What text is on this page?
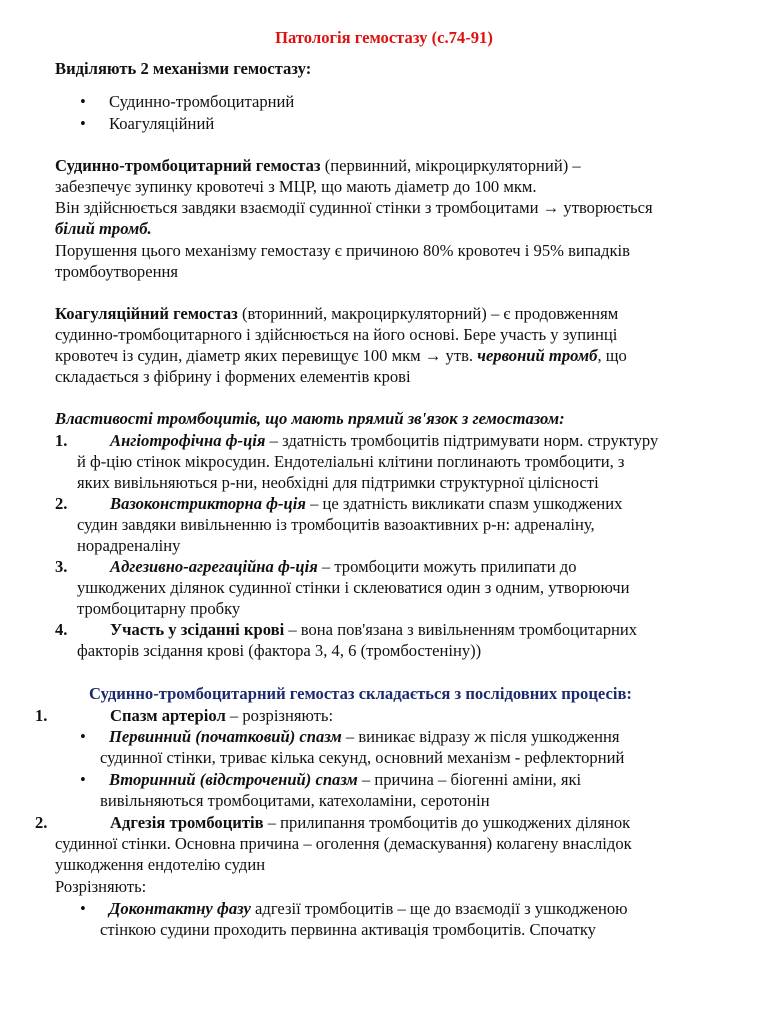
Патологія гемостазу (с.74-91)
Виділяють 2 механізми гемостазу:
• Судинно-тромбоцитарний
• Коагуляційний
Судинно-тромбоцитарний гемостаз (первинний, мікроциркуляторний) –
забезпечує зупинку кровотечі з МЦР, що мають діаметр до 100 мкм.
Він здійснюється завдяки взаємодії судинної стінки з тромбоцитами → утворюється
білий тромб.
Порушення цього механізму гемостазу є причиною 80% кровотеч і 95% випадків
тромбоутворення
Коагуляційний гемостаз (вторинний, макроциркуляторний) – є продовженням
судинно-тромбоцитарного і здійснюється на його основі. Бере участь у зупинці
кровотеч із судин, діаметр яких перевищує 100 мкм → утв. червоний тромб, що
складається з фібрину і формених елементів крові
Властивості тромбоцитів, що мають прямий зв'язок з гемостазом:
1.	Ангіотрофічна ф-ція – здатність тромбоцитів підтримувати норм. структуру
й ф-цію стінок мікросудин. Ендотеліальні клітини поглинають тромбоцити, з
яких вивільняються р-ни, необхідні для підтримки структурної цілісності
2.	Вазоконстрикторна ф-ція – це здатність викликати спазм ушкоджених
судин завдяки вивільненню із тромбоцитів вазоактивних р-н: адреналіну,
норадреналіну
3.	Адгезивно-агрегаційна ф-ція – тромбоцити можуть прилипати до
ушкоджених ділянок судинної стінки і склеюватися один з одним, утворюючи
тромбоцитарну пробку
4.	Участь у зсіданні крові – вона пов'язана з вивільненням тромбоцитарних
факторів зсідання крові (фактора 3, 4, 6 (тромбостеніну))
Судинно-тромбоцитарний гемостаз складається з послідовних процесів:
1.	Спазм артеріол – розрізняють:
• Первинний (початковий) спазм – виникає відразу ж після ушкодження
судинної стінки, триває кілька секунд, основний механізм - рефлекторний
• Вторинний (відстрочений) спазм – причина – біогенні аміни, які
вивільняються тромбоцитами, катехоламіни, серотонін
2.	Адгезія тромбоцитів – прилипання тромбоцитів до ушкоджених ділянок
судинної стінки. Основна причина – оголення (демаскування) колагену внаслідок
ушкодження ендотелію судин
Розрізняють:
• Доконтактну фазу адгезії тромбоцитів – ще до взаємодії з ушкодженою
стінкою судини проходить первинна активація тромбоцитів. Спочатку
